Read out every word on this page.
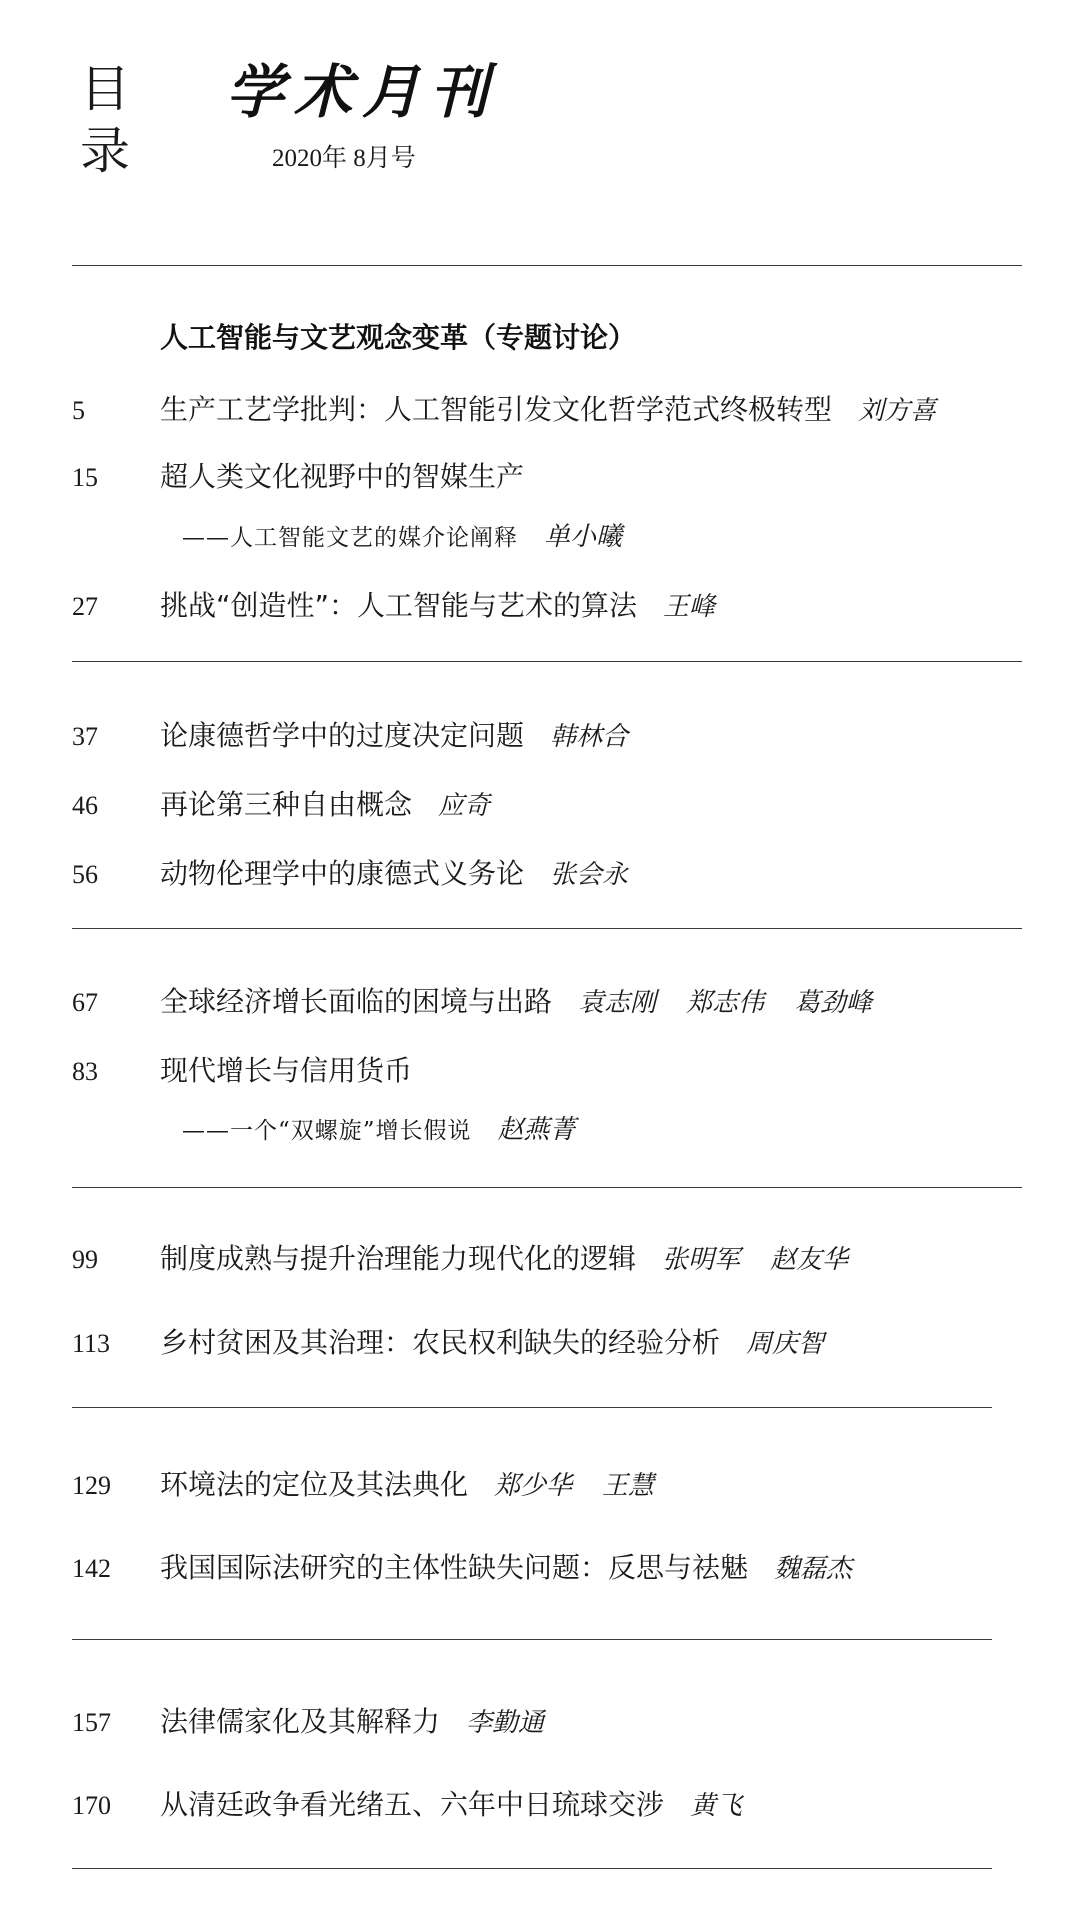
目
录
学术月刊
2020年 8月号
人工智能与文艺观念变革（专题讨论）
5	生产工艺学批判：人工智能引发文化哲学范式终极转型 刘方喜
15	超人类文化视野中的智媒生产
——人工智能文艺的媒介论阐释 单小曦
27	挑战“创造性”：人工智能与艺术的算法 王峰
37	论康德哲学中的过度决定问题 韩林合
46	再论第三种自由概念 应奇
56	动物伦理学中的康德式义务论 张会永
67	全球经济增长面临的困境与出路 袁志刚 郑志伟 葛劲峰
83	现代增长与信用货币
——一个“双螺旋”增长假说 赵燕菁
99	制度成熟与提升治理能力现代化的逻辑 张明军 赵友华
113	乡村贫困及其治理：农民权利缺失的经验分析 周庆智
129	环境法的定位及其法典化 郑少华 王慧
142	我国国际法研究的主体性缺失问题：反思与祛魅 魏磊杰
157	法律儒家化及其解释力 李勤通
170	从清廷政争看光绪五、六年中日琉球交涉 黄飞
